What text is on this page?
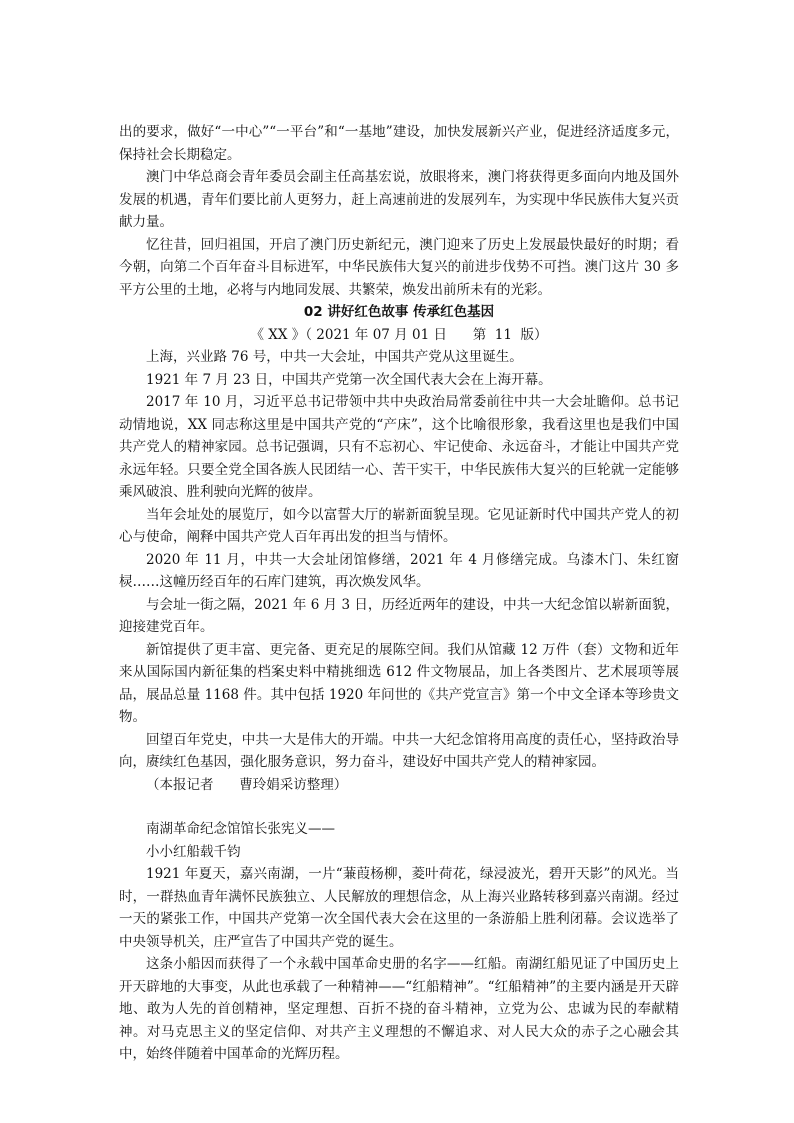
出的要求，做好“一中心”“一平台”和“一基地”建设，加快发展新兴产业，促进经济适度多元，保持社会长期稳定。

澳门中华总商会青年委员会副主任高基宏说，放眼将来，澳门将获得更多面向内地及国外发展的机遇，青年们要比前人更努力，赶上高速前进的发展列车，为实现中华民族伟大复兴贡献力量。

忆往昔，回归祖国，开启了澳门历史新纪元，澳门迎来了历史上发展最快最好的时期；看今朝，向第二个百年奋斗目标进军，中华民族伟大复兴的前进步伐势不可挡。澳门这片 30 多平方公里的土地，必将与内地同发展、共繁荣，焕发出前所未有的光彩。

02 讲好红色故事 传承红色基因

《 XX 》（ 2021 年 07 月 01 日      第  11  版）

上海，兴业路 76 号，中共一大会址，中国共产党从这里诞生。

1921 年 7 月 23 日，中国共产党第一次全国代表大会在上海开幕。

2017 年 10 月，习近平总书记带领中共中央政治局常委前往中共一大会址瞻仰。总书记动情地说，XX 同志称这里是中国共产党的“产床”，这个比喻很形象，我看这里也是我们中国共产党人的精神家园。总书记强调，只有不忘初心、牢记使命、永远奋斗，才能让中国共产党永远年轻。只要全党全国各族人民团结一心、苦干实干，中华民族伟大复兴的巨轮就一定能够乘风破浪、胜利驶向光辉的彼岸。

当年会址处的展览厅，如今以富誓大厅的崭新面貌呈现。它见证新时代中国共产党人的初心与使命，阐释中国共产党人百年再出发的担当与情怀。

2020 年 11 月，中共一大会址闭馆修缮，2021 年 4 月修缮完成。乌漆木门、朱红窗棂……这幢历经百年的石库门建筑，再次焕发风华。

与会址一街之隔，2021 年 6 月 3 日，历经近两年的建设，中共一大纪念馆以崭新面貌，迎接建党百年。

新馆提供了更丰富、更完备、更充足的展陈空间。我们从馆藏 12 万件（套）文物和近年来从国际国内新征集的档案史料中精挑细选 612 件文物展品，加上各类图片、艺术展项等展品，展品总量 1168 件。其中包括 1920 年问世的《共产党宣言》第一个中文全译本等珍贵文物。

回望百年党史，中共一大是伟大的开端。中共一大纪念馆将用高度的责任心，坚持政治导向，赓续红色基因，强化服务意识，努力奋斗，建设好中国共产党人的精神家园。

（本报记者      曹玲娟采访整理）

南湖革命纪念馆馆长张宪义——

小小红船载千钧

1921 年夏天，嘉兴南湖，一片“蒹葭杨柳，菱叶荷花，绿浸波光，碧开天影”的风光。当时，一群热血青年满怀民族独立、人民解放的理想信念，从上海兴业路转移到嘉兴南湖。经过一天的紧张工作，中国共产党第一次全国代表大会在这里的一条游船上胜利闭幕。会议选举了中央领导机关，庄严宣告了中国共产党的诞生。

这条小船因而获得了一个永载中国革命史册的名字——红船。南湖红船见证了中国历史上开天辟地的大事变，从此也承载了一种精神——“红船精神”。“红船精神”的主要内涵是开天辟地、敢为人先的首创精神，坚定理想、百折不挠的奋斗精神，立党为公、忠诚为民的奉献精神。对马克思主义的坚定信仰、对共产主义理想的不懈追求、对人民大众的赤子之心融会其中，始终伴随着中国革命的光辉历程。
